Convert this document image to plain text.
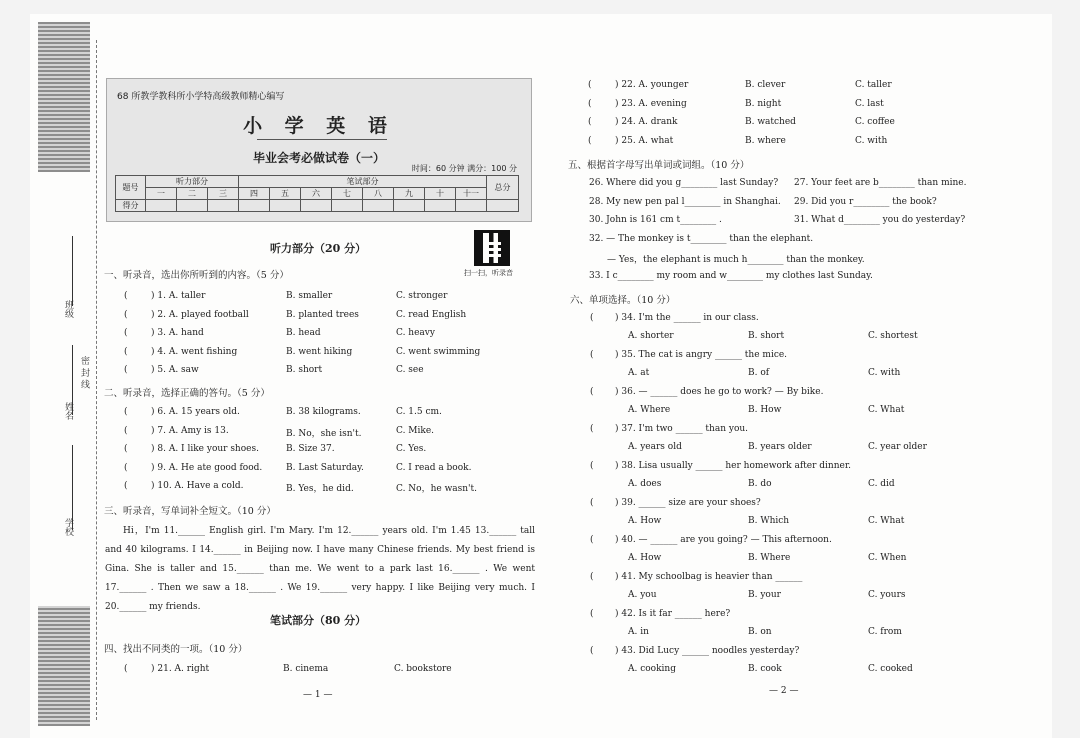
班级
密 封 线
姓名
学校
68 所教学教科所小学特高级教师精心编写
小 学 英 语
毕业会考必做试卷（一）
时间：60 分钟 满分：100 分
题号	听力部分			笔试部分								总分
	一	二	三	四	五	六	七	八	九	十	十一	
得分												
听力部分（20 分）
扫一扫，听录音
一、听录音，选出你所听到的内容。（5 分）
二、听录音，选择正确的答句。（5 分）
三、听录音，写单词补全短文。（10 分）
Hi，I'm 11.______ English girl. I'm Mary. I'm 12.______ years old. I'm 1.45 13.______ tall and 40 kilograms. I 14.______ in Beijing now. I have many Chinese friends. My best friend is Gina. She is taller and 15.______ than me. We went to a park last 16.______ . We went 17.______ . Then we saw a 18.______ . We 19.______ very happy. I like Beijing very much. I 20.______ my friends.
笔试部分（80 分）
四、找出不同类的一项。（10 分）
五、根据首字母写出单词或词组。（10 分）
六、单项选择。（10 分）
— 1 —	— 2 —
(	) 1. A. taller	B. smaller	C. stronger
(	) 2. A. played football	B. planted trees	C. read English
(	) 3. A. hand	B. head	C. heavy
(	) 4. A. went fishing	B. went hiking	C. went swimming
(	) 5. A. saw	B. short	C. see
(	) 6. A. 15 years old.	B. 38 kilograms.	C. 1.5 cm.
(	) 7. A. Amy is 13.	B. No，she isn't.	C. Mike.
(	) 8. A. I like your shoes.	B. Size 37.	C. Yes.
(	) 9. A. He ate good food.	B. Last Saturday.	C. I read a book.
(	) 10. A. Have a cold.	B. Yes，he did.	C. No，he wasn't.
(	) 21. A. right	B. cinema	C. bookstore
(	) 22. A. younger	B. clever	C. taller
(	) 23. A. evening	B. night	C. last
(	) 24. A. drank	B. watched	C. coffee
(	) 25. A. what	B. where	C. with
26. Where did you g________ last Sunday? 27. Your feet are b________ than mine.
28. My new pen pal l________ in Shanghai. 29. Did you r________ the book?
30. John is 161 cm t________ .	31. What d________ you do yesterday?
32. — The monkey is t________ than the elephant.
— Yes，the elephant is much h________ than the monkey.
33. I c________ my room and w________ my clothes last Sunday.
( ) 34. I'm the ______ in our class.
A. shorter	B. short	C. shortest
( ) 35. The cat is angry ______ the mice.
A. at	B. of	C. with
( ) 36. — ______ does he go to work? — By bike.
A. Where	B. How	C. What
( ) 37. I'm two ______ than you.
A. years old	B. years older	C. year older
( ) 38. Lisa usually ______ her homework after dinner.
A. does	B. do	C. did
( ) 39. ______ size are your shoes?
A. How	B. Which	C. What
( ) 40. — ______ are you going? — This afternoon.
A. How	B. Where	C. When
( ) 41. My schoolbag is heavier than ______
A. you	B. your	C. yours
( ) 42. Is it far ______ here?
A. in	B. on	C. from
( ) 43. Did Lucy ______ noodles yesterday?
A. cooking	B. cook	C. cooked
